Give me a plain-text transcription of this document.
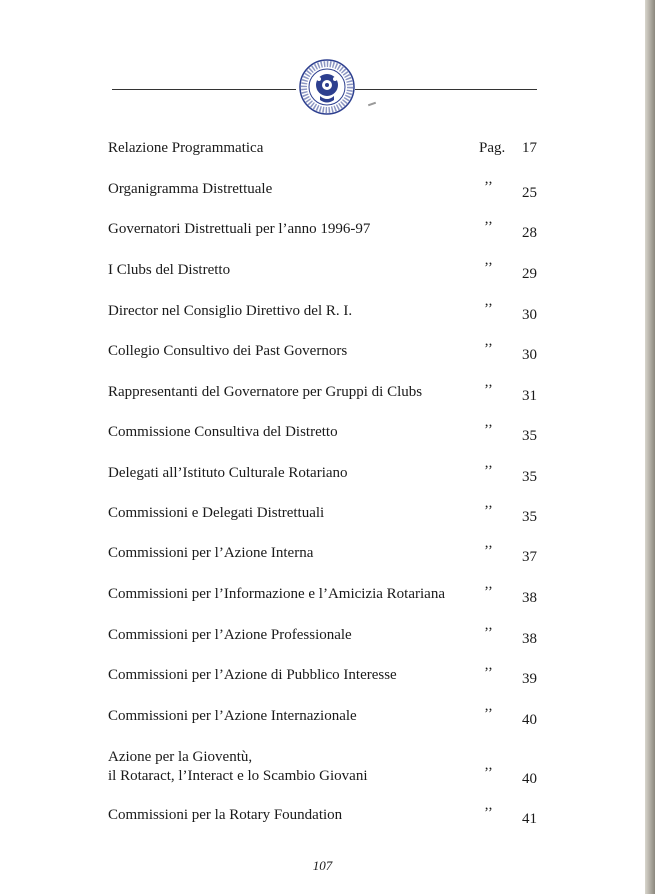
Relazione Programmatica	Pag. 17
Organigramma Distrettuale	’’ 25
Governatori Distrettuali per l’anno 1996-97	’’ 28
I Clubs del Distretto	’’ 29
Director nel Consiglio Direttivo del R. I.	’’ 30
Collegio Consultivo dei Past Governors	’’ 30
Rappresentanti del Governatore per Gruppi di Clubs	’’ 31
Commissione Consultiva del Distretto	’’ 35
Delegati all’Istituto Culturale Rotariano	’’ 35
Commissioni e Delegati Distrettuali	’’ 35
Commissioni per l’Azione Interna	’’ 37
Commissioni per l’Informazione e l’Amicizia Rotariana	’’ 38
Commissioni per l’Azione Professionale	’’ 38
Commissioni per l’Azione di Pubblico Interesse	’’ 39
Commissioni per l’Azione Internazionale	’’ 40
Azione per la Gioventù,
il Rotaract, l’Interact e lo Scambio Giovani	’’ 40
Commissioni per la Rotary Foundation	’’ 41
107
